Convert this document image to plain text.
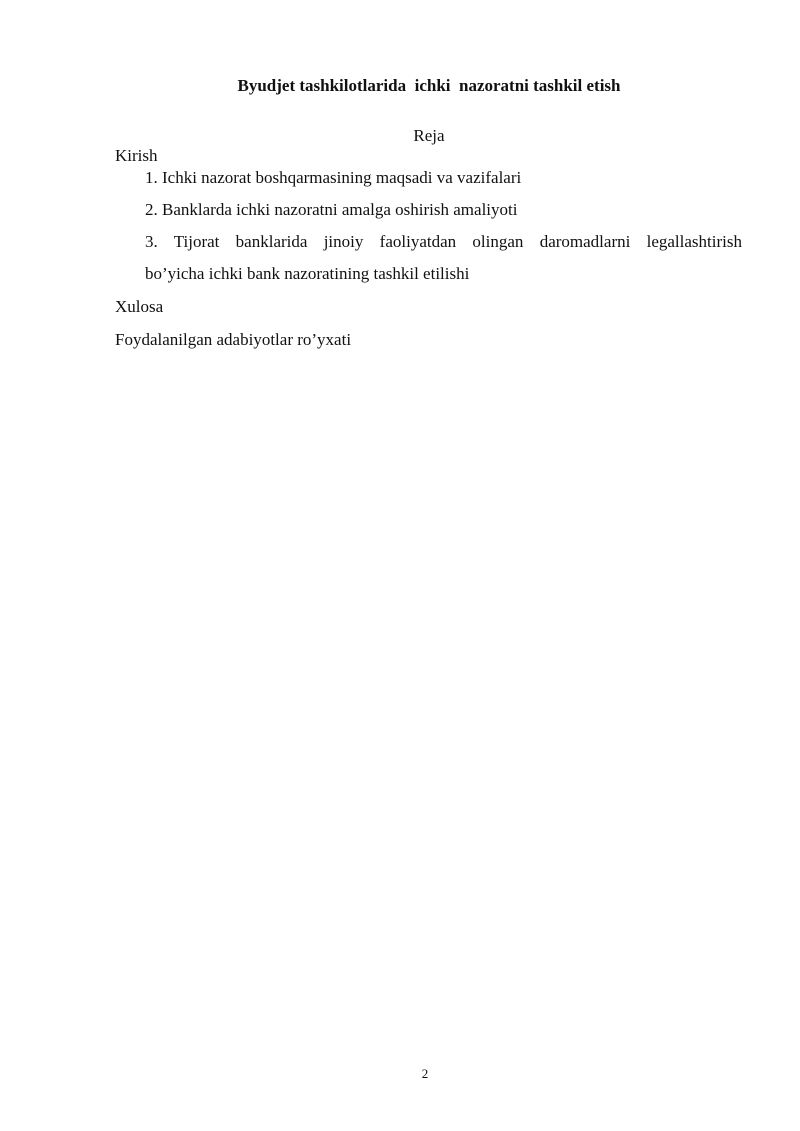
Byudjet tashkilotlarida  ichki  nazoratni tashkil etish
Reja
Kirish
1. Ichki nazorat boshqarmasining maqsadi va vazifalari
2. Banklarda ichki nazoratni amalga oshirish amaliyoti
3. Tijorat banklarida jinoiy faoliyatdan olingan daromadlarni legallashtirish
bo’yicha ichki bank nazoratining tashkil etilishi
Xulosa
Foydalanilgan adabiyotlar ro’yxati
2
